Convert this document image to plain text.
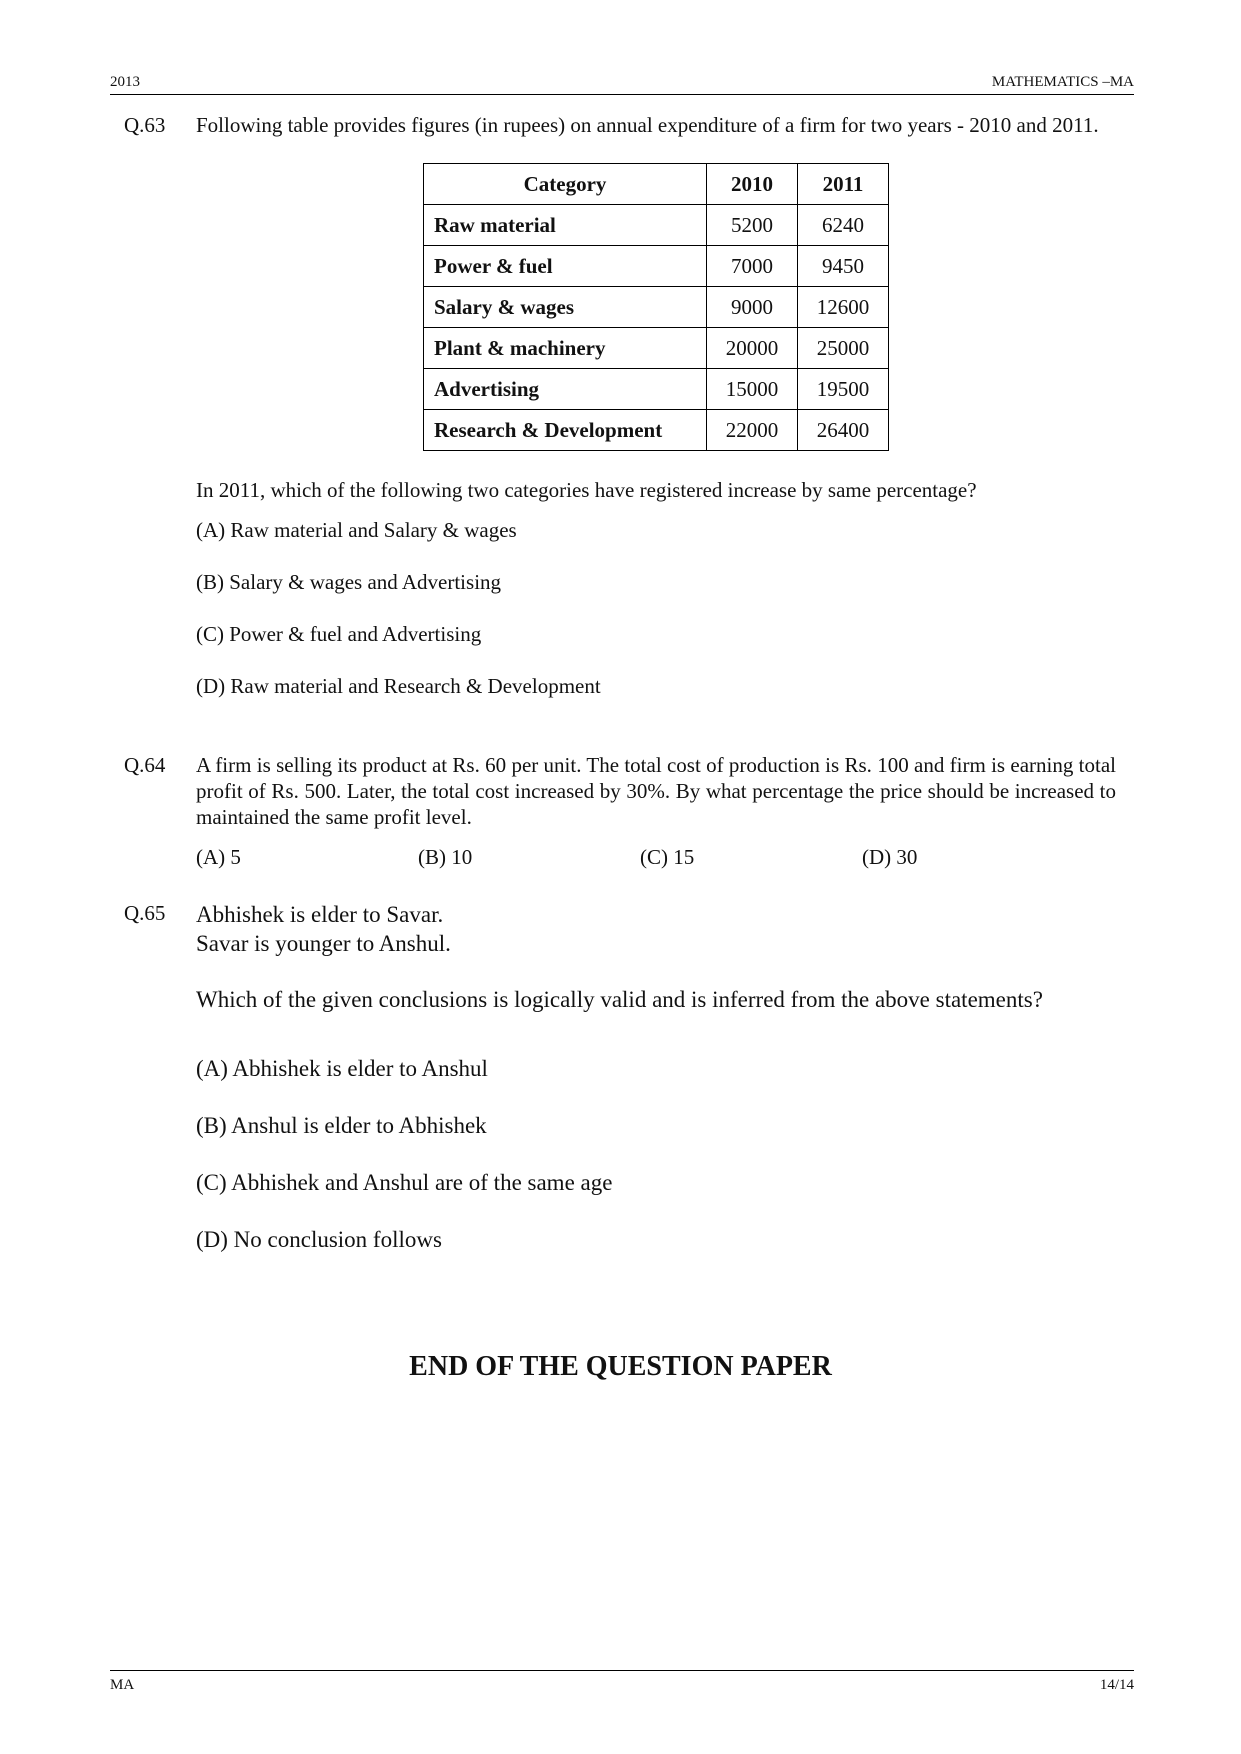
2013	MATHEMATICS –MA
Q.63	Following table provides figures (in rupees) on annual expenditure of a firm for two years - 2010 and 2011.
Category	2010	2011
Raw material	5200	6240
Power & fuel	7000	9450
Salary & wages	9000	12600
Plant & machinery	20000	25000
Advertising	15000	19500
Research & Development	22000	26400
In 2011, which of the following two categories have registered increase by same percentage?
(A) Raw material and Salary & wages
(B) Salary & wages and Advertising
(C) Power & fuel and Advertising
(D) Raw material and Research & Development
Q.64	A firm is selling its product at Rs. 60 per unit. The total cost of production is Rs. 100 and firm is earning total profit of Rs. 500. Later, the total cost increased by 30%. By what percentage the price should be increased to maintained the same profit level.
(A) 5	(B) 10	(C) 15	(D) 30
Q.65	Abhishek is elder to Savar.
Savar is younger to Anshul.
Which of the given conclusions is logically valid and is inferred from the above statements?
(A) Abhishek is elder to Anshul
(B) Anshul is elder to Abhishek
(C) Abhishek and Anshul are of the same age
(D) No conclusion follows
END OF THE QUESTION PAPER
MA	14/14
